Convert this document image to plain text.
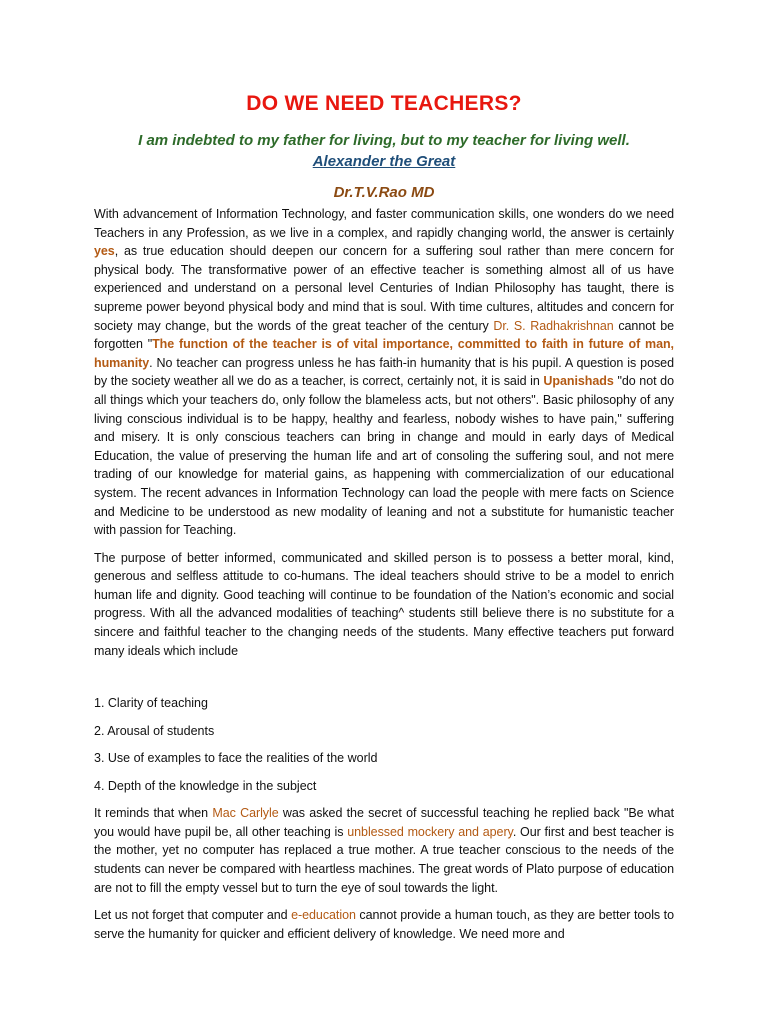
DO WE NEED TEACHERS?
I am indebted to my father for living, but to my teacher for living well.
Alexander the Great
Dr.T.V.Rao MD

With advancement of Information Technology, and faster communication skills, one wonders do we need Teachers in any Profession, as we live in a complex, and rapidly changing world, the answer is certainly yes, as true education should deepen our concern for a suffering soul rather than mere concern for physical body. The transformative power of an effective teacher is something almost all of us have experienced and understand on a personal level Centuries of Indian Philosophy has taught, there is supreme power beyond physical body and mind that is soul. With time cultures, altitudes and concern for society may change, but the words of the great teacher of the century Dr. S. Radhakrishnan cannot be forgotten "The function of the teacher is of vital importance, committed to faith in future of man, humanity. No teacher can progress unless he has faith-in humanity that is his pupil. A question is posed by the society weather all we do as a teacher, is correct, certainly not, it is said in Upanishads "do not do all things which your teachers do, only follow the blameless acts, but not others". Basic philosophy of any living conscious individual is to be happy, healthy and fearless, nobody wishes to have pain," suffering and misery. It is only conscious teachers can bring in change and mould in early days of Medical Education, the value of preserving the human life and art of consoling the suffering soul, and not mere trading of our knowledge for material gains, as happening with commercialization of our educational system. The recent advances in Information Technology can load the people with mere facts on Science and Medicine to be understood as new modality of leaning and not a substitute for humanistic teacher with passion for Teaching.

The purpose of better informed, communicated and skilled person is to possess a better moral, kind, generous and selfless attitude to co-humans. The ideal teachers should strive to be a model to enrich human life and dignity. Good teaching will continue to be foundation of the Nation’s economic and social progress. With all the advanced modalities of teaching^ students still believe there is no substitute for a sincere and faithful teacher to the changing needs of the students. Many effective teachers put forward many ideals which include

1. Clarity of teaching
2. Arousal of students
3. Use of examples to face the realities of the world
4. Depth of the knowledge in the subject

It reminds that when Mac Carlyle was asked the secret of successful teaching he replied back "Be what you would have pupil be, all other teaching is unblessed mockery and apery. Our first and best teacher is the mother, yet no computer has replaced a true mother. A true teacher conscious to the needs of the students can never be compared with heartless machines. The great words of Plato purpose of education are not to fill the empty vessel but to turn the eye of soul towards the light.

Let us not forget that computer and e-education cannot provide a human touch, as they are better tools to serve the humanity for quicker and efficient delivery of knowledge. We need more and
